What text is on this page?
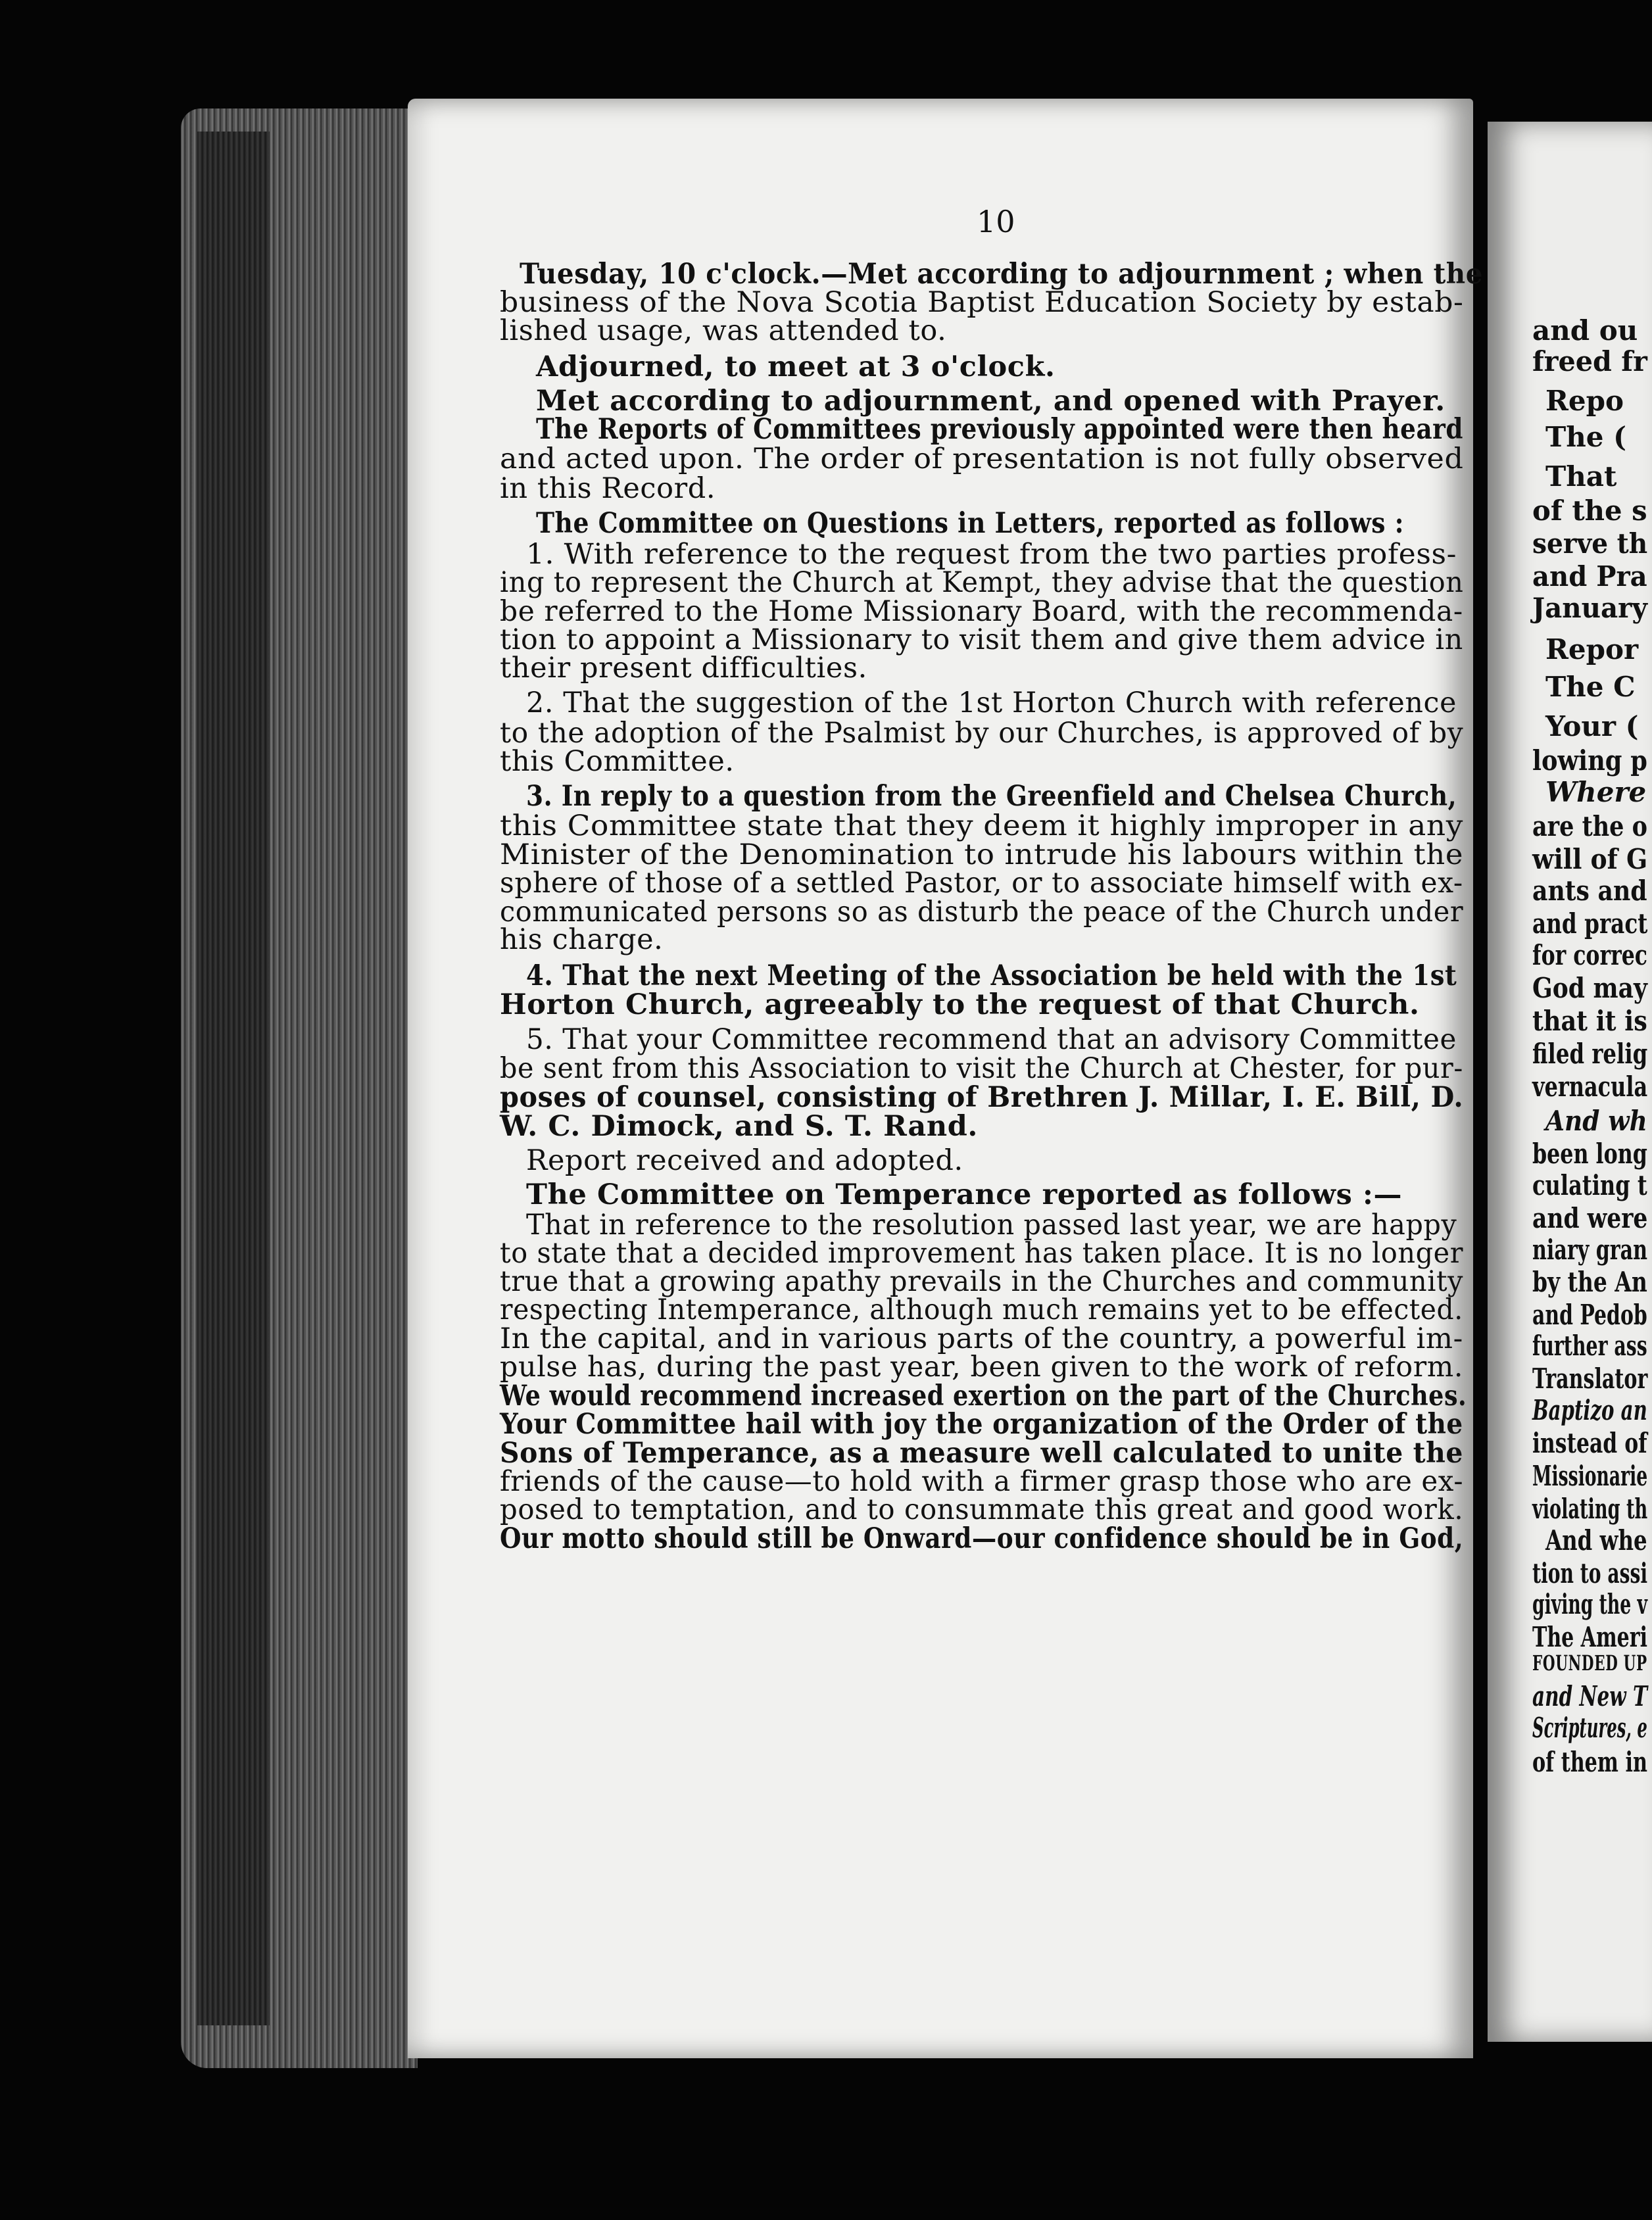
10
Tuesday, 10 c'clock.—Met according to adjournment ; when the
business of the Nova Scotia Baptist Education Society by estab-
lished usage, was attended to.
Adjourned, to meet at 3 o'clock.
Met according to adjournment, and opened with Prayer.
The Reports of Committees previously appointed were then heard
and acted upon. The order of presentation is not fully observed
in this Record.
The Committee on Questions in Letters, reported as follows :
1. With reference to the request from the two parties profess-
ing to represent the Church at Kempt, they advise that the question
be referred to the Home Missionary Board, with the recommenda-
tion to appoint a Missionary to visit them and give them advice in
their present difficulties.
2. That the suggestion of the 1st Horton Church with reference
to the adoption of the Psalmist by our Churches, is approved of by
this Committee.
3. In reply to a question from the Greenfield and Chelsea Church,
this Committee state that they deem it highly improper in any
Minister of the Denomination to intrude his labours within the
sphere of those of a settled Pastor, or to associate himself with ex-
communicated persons so as disturb the peace of the Church under
his charge.
4. That the next Meeting of the Association be held with the 1st
Horton Church, agreeably to the request of that Church.
5. That your Committee recommend that an advisory Committee
be sent from this Association to visit the Church at Chester, for pur-
poses of counsel, consisting of Brethren J. Millar, I. E. Bill, D.
W. C. Dimock, and S. T. Rand.
Report received and adopted.
The Committee on Temperance reported as follows :—
That in reference to the resolution passed last year, we are happy
to state that a decided improvement has taken place. It is no longer
true that a growing apathy prevails in the Churches and community
respecting Intemperance, although much remains yet to be effected.
In the capital, and in various parts of the country, a powerful im-
pulse has, during the past year, been given to the work of reform.
We would recommend increased exertion on the part of the Churches.
Your Committee hail with joy the organization of the Order of the
Sons of Temperance, as a measure well calculated to unite the
friends of the cause—to hold with a firmer grasp those who are ex-
posed to temptation, and to consummate this great and good work.
Our motto should still be Onward—our confidence should be in God,
and ou
freed fr
Repo
The (
That
of the s
serve th
and Pra
January
Repor
The C
Your (
lowing p
Where
are the o
will of G
ants and
and pract
for correc
God may
that it is
filed relig
vernacula
And wh
been long
culating t
and were
niary gran
by the An
and Pedob
further ass
Translator
Baptizo an
instead of
Missionarie
violating th
And whe
tion to assi
giving the v
The Ameri
FOUNDED UP
and New T
Scriptures, e
of them in
